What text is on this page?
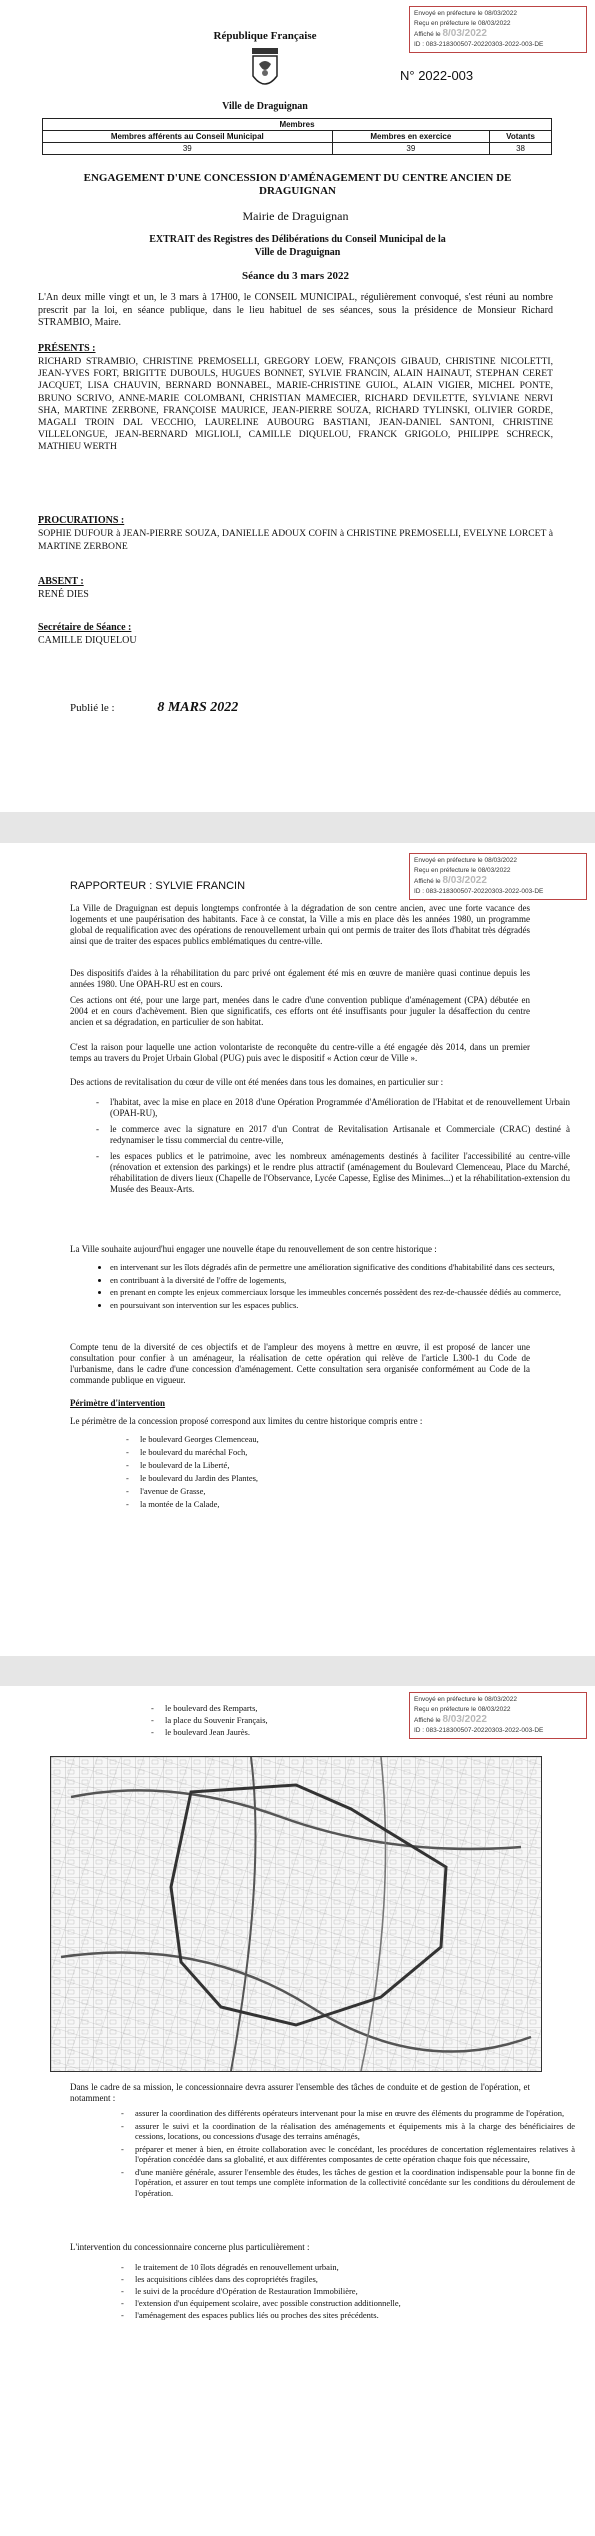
Envoyé en préfecture le 08/03/2022
Reçu en préfecture le 08/03/2022
Affiché le 8/03/2022
ID : 083-218300507-20220303-2022-003-DE
République Française
Ville de Draguignan
N° 2022-003
Membres		
Membres afférents au Conseil Municipal	Membres en exercice	Votants
39	39	38
ENGAGEMENT D'UNE CONCESSION D'AMÉNAGEMENT DU CENTRE ANCIEN DE DRAGUIGNAN
Mairie de Draguignan
EXTRAIT des Registres des Délibérations du Conseil Municipal de la Ville de Draguignan
Séance du 3 mars 2022
L'An deux mille vingt et un, le 3 mars à 17H00, le CONSEIL MUNICIPAL, régulièrement convoqué, s'est réuni au nombre prescrit par la loi, en séance publique, dans le lieu habituel de ses séances, sous la présidence de Monsieur Richard STRAMBIO, Maire.
PRÉSENTS :
RICHARD STRAMBIO, CHRISTINE PREMOSELLI, GREGORY LOEW, FRANÇOIS GIBAUD, CHRISTINE NICOLETTI, JEAN-YVES FORT, BRIGITTE DUBOULS, HUGUES BONNET, SYLVIE FRANCIN, ALAIN HAINAUT, STEPHAN CERET JACQUET, LISA CHAUVIN, BERNARD BONNABEL, MARIE-CHRISTINE GUIOL, ALAIN VIGIER, MICHEL PONTE, BRUNO SCRIVO, ANNE-MARIE COLOMBANI, CHRISTIAN MAMECIER, RICHARD DEVILETTE, SYLVIANE NERVI SHA, MARTINE ZERBONE, FRANÇOISE MAURICE, JEAN-PIERRE SOUZA, RICHARD TYLINSKI, OLIVIER GORDE, MAGALI TROIN DAL VECCHIO, LAURELINE AUBOURG BASTIANI, JEAN-DANIEL SANTONI, CHRISTINE VILLELONGUE, JEAN-BERNARD MIGLIOLI, CAMILLE DIQUELOU, FRANCK GRIGOLO, PHILIPPE SCHRECK, MATHIEU WERTH
PROCURATIONS :
SOPHIE DUFOUR à JEAN-PIERRE SOUZA, DANIELLE ADOUX COFIN à CHRISTINE PREMOSELLI, EVELYNE LORCET à MARTINE ZERBONE
ABSENT :
RENÉ DIES
Secrétaire de Séance :
CAMILLE DIQUELOU
Publié le :	8 MARS 2022
Envoyé en préfecture le 08/03/2022
Reçu en préfecture le 08/03/2022
Affiché le 8/03/2022
ID : 083-218300507-20220303-2022-003-DE
RAPPORTEUR : SYLVIE FRANCIN
La Ville de Draguignan est depuis longtemps confrontée à la dégradation de son centre ancien, avec une forte vacance des logements et une paupérisation des habitants. Face à ce constat, la Ville a mis en place dès les années 1980, un programme global de requalification avec des opérations de renouvellement urbain qui ont permis de traiter des îlots d'habitat très dégradés ainsi que de traiter des espaces publics emblématiques du centre-ville.
Des dispositifs d'aides à la réhabilitation du parc privé ont également été mis en œuvre de manière quasi continue depuis les années 1980. Une OPAH-RU est en cours.
Ces actions ont été, pour une large part, menées dans le cadre d'une convention publique d'aménagement (CPA) débutée en 2004 et en cours d'achèvement. Bien que significatifs, ces efforts ont été insuffisants pour juguler la désaffection du centre ancien et sa dégradation, en particulier de son habitat.
C'est la raison pour laquelle une action volontariste de reconquête du centre-ville a été engagée dès 2014, dans un premier temps au travers du Projet Urbain Global (PUG) puis avec le dispositif « Action cœur de Ville ».
Des actions de revitalisation du cœur de ville ont été menées dans tous les domaines, en particulier sur :
- l'habitat, avec la mise en place en 2018 d'une Opération Programmée d'Amélioration de l'Habitat et de renouvellement Urbain (OPAH-RU),
- le commerce avec la signature en 2017 d'un Contrat de Revitalisation Artisanale et Commerciale (CRAC) destiné à redynamiser le tissu commercial du centre-ville,
- les espaces publics et le patrimoine, avec les nombreux aménagements destinés à faciliter l'accessibilité au centre-ville (rénovation et extension des parkings) et le rendre plus attractif (aménagement du Boulevard Clemenceau, Place du Marché, réhabilitation de divers lieux (Chapelle de l'Observance, Lycée Capesse, Eglise des Minimes...) et la réhabilitation-extension du Musée des Beaux-Arts.
La Ville souhaite aujourd'hui engager une nouvelle étape du renouvellement de son centre historique :
• en intervenant sur les îlots dégradés afin de permettre une amélioration significative des conditions d'habitabilité dans ces secteurs,
• en contribuant à la diversité de l'offre de logements,
• en prenant en compte les enjeux commerciaux lorsque les immeubles concernés possèdent des rez-de-chaussée dédiés au commerce,
• en poursuivant son intervention sur les espaces publics.
Compte tenu de la diversité de ces objectifs et de l'ampleur des moyens à mettre en œuvre, il est proposé de lancer une consultation pour confier à un aménageur, la réalisation de cette opération qui relève de l'article L300-1 du Code de l'urbanisme, dans le cadre d'une concession d'aménagement. Cette consultation sera organisée conformément au Code de la commande publique en vigueur.
Périmètre d'intervention
Le périmètre de la concession proposé correspond aux limites du centre historique compris entre :
- le boulevard Georges Clemenceau,
- le boulevard du maréchal Foch,
- le boulevard de la Liberté,
- le boulevard du Jardin des Plantes,
- l'avenue de Grasse,
- la montée de la Calade,
Envoyé en préfecture le 08/03/2022
Reçu en préfecture le 08/03/2022
Affiché le 8/03/2022
ID : 083-218300507-20220303-2022-003-DE
- le boulevard des Remparts,
- la place du Souvenir Français,
- le boulevard Jean Jaurès.
Dans le cadre de sa mission, le concessionnaire devra assurer l'ensemble des tâches de conduite et de gestion de l'opération, et notamment :
- assurer la coordination des différents opérateurs intervenant pour la mise en œuvre des éléments du programme de l'opération,
- assurer le suivi et la coordination de la réalisation des aménagements et équipements mis à la charge des bénéficiaires de cessions, locations, ou concessions d'usage des terrains aménagés,
- préparer et mener à bien, en étroite collaboration avec le concédant, les procédures de concertation réglementaires relatives à l'opération concédée dans sa globalité, et aux différentes composantes de cette opération chaque fois que nécessaire,
- d'une manière générale, assurer l'ensemble des études, les tâches de gestion et la coordination indispensable pour la bonne fin de l'opération, et assurer en tout temps une complète information de la collectivité concédante sur les conditions du déroulement de l'opération.
L'intervention du concessionnaire concerne plus particulièrement :
- le traitement de 10 îlots dégradés en renouvellement urbain,
- les acquisitions ciblées dans des copropriétés fragiles,
- le suivi de la procédure d'Opération de Restauration Immobilière,
- l'extension d'un équipement scolaire, avec possible construction additionnelle,
- l'aménagement des espaces publics liés ou proches des sites précédents.
